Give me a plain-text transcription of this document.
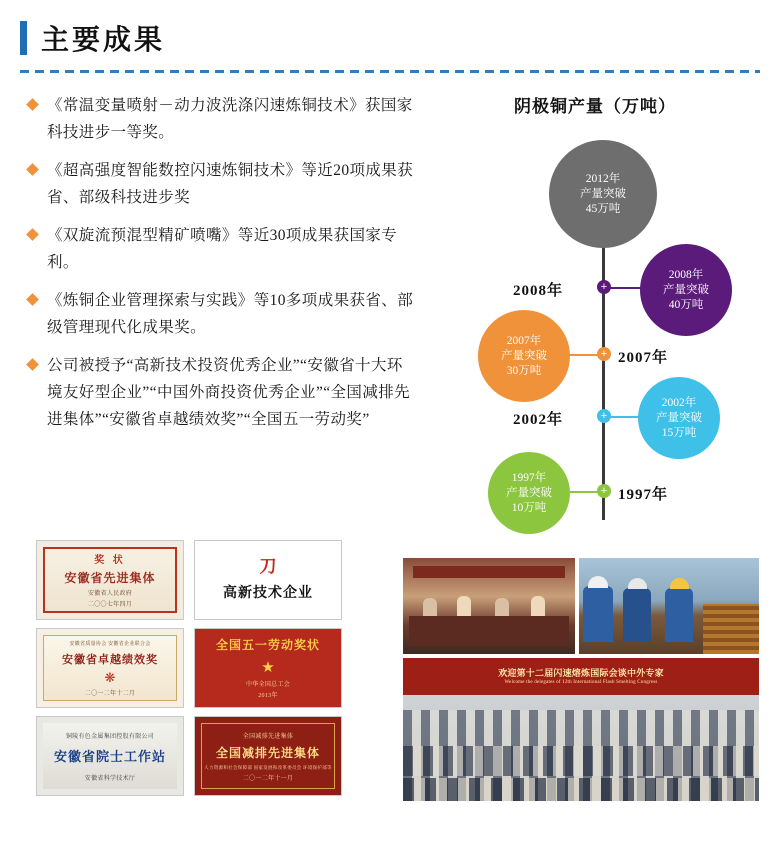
主要成果
《常温变量喷射－动力波洗涤闪速炼铜技术》获国家科技进步一等奖。
《超高强度智能数控闪速炼铜技术》等近20项成果获省、部级科技进步奖
《双旋流预混型精矿喷嘴》等近30项成果获国家专利。
《炼铜企业管理探索与实践》等10多项成果获省、部级管理现代化成果奖。
公司被授予“高新技术投资优秀企业”“安徽省十大环境友好型企业”“中国外商投资优秀企业”“全国减排先进集体”“安徽省卓越绩效奖”“全国五一劳动奖”
阴极铜产量（万吨）
2012年
产量突破
45万吨
+
2008年
2008年
产量突破
40万吨
+ 2007年
2007年
产量突破
30万吨
+
2002年
2002年
产量突破
15万吨
+ 1997年
1997年
产量突破
10万吨
奖 状
安徽省先进集体
安徽省人民政府
二〇〇七年四月
刀
高新技术企业
安徽省质量协会 安徽省企业联合会
安徽省卓越绩效奖
❋
二〇一二年十二月
全国五一劳动奖状
★
中华全国总工会
2013年
铜陵有色金属集团控股有限公司
安徽省院士工作站
安徽省科学技术厅
全国减排先进集体
全国减排先进集体
人力资源和社会保障部 国家发展和改革委员会 环境保护部等
二〇一二年十一月
欢迎第十二届闪速熔炼国际会谈中外专家
Welcome the delegates of 12th International Flash Smelting Congress
